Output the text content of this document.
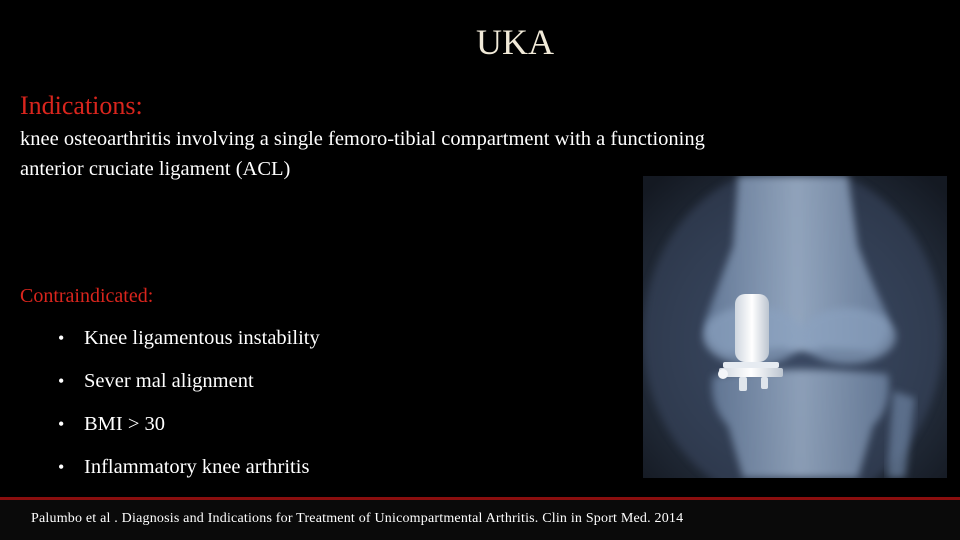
UKA
Indications:
knee osteoarthritis involving a single femoro-tibial compartment with a functioning anterior cruciate ligament (ACL)
Contraindicated:
• Knee ligamentous instability
• Sever mal alignment
• BMI > 30
• Inflammatory knee arthritis
Palumbo et al . Diagnosis and Indications for Treatment of Unicompartmental Arthritis. Clin in Sport Med. 2014
